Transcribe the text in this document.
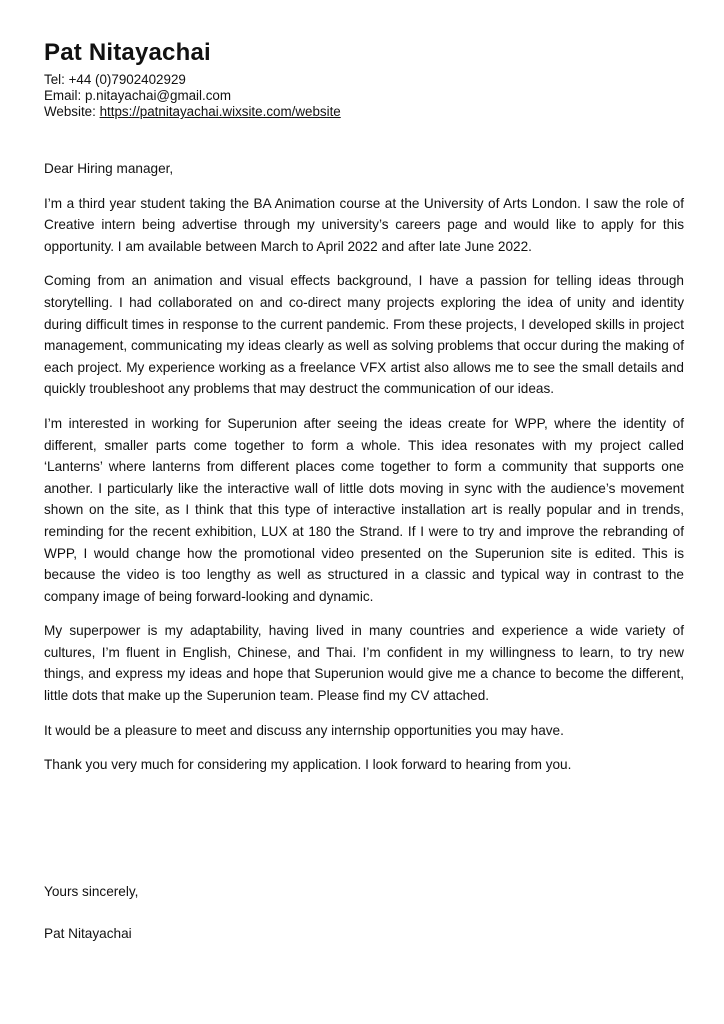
Pat Nitayachai

Tel: +44 (0)7902402929

Email: p.nitayachai@gmail.com

Website: https://patnitayachai.wixsite.com/website

Dear Hiring manager,

I’m a third year student taking the BA Animation course at the University of Arts London. I saw the role of Creative intern being advertise through my university’s careers page and would like to apply for this opportunity. I am available between March to April 2022 and after late June 2022.

Coming from an animation and visual effects background, I have a passion for telling ideas through storytelling. I had collaborated on and co-direct many projects exploring the idea of unity and identity during difficult times in response to the current pandemic. From these projects, I developed skills in project management, communicating my ideas clearly as well as solving problems that occur during the making of each project. My experience working as a freelance VFX artist also allows me to see the small details and quickly troubleshoot any problems that may destruct the communication of our ideas.

I’m interested in working for Superunion after seeing the ideas create for WPP, where the identity of different, smaller parts come together to form a whole. This idea resonates with my project called ‘Lanterns’ where lanterns from different places come together to form a community that supports one another. I particularly like the interactive wall of little dots moving in sync with the audience’s movement shown on the site, as I think that this type of interactive installation art is really popular and in trends, reminding for the recent exhibition, LUX at 180 the Strand. If I were to try and improve the rebranding of WPP, I would change how the promotional video presented on the Superunion site is edited. This is because the video is too lengthy as well as structured in a classic and typical way in contrast to the company image of being forward-looking and dynamic.

My superpower is my adaptability, having lived in many countries and experience a wide variety of cultures, I’m fluent in English, Chinese, and Thai. I’m confident in my willingness to learn, to try new things, and express my ideas and hope that Superunion would give me a chance to become the different, little dots that make up the Superunion team. Please find my CV attached.

It would be a pleasure to meet and discuss any internship opportunities you may have.

Thank you very much for considering my application. I look forward to hearing from you.

Yours sincerely,

Pat Nitayachai
